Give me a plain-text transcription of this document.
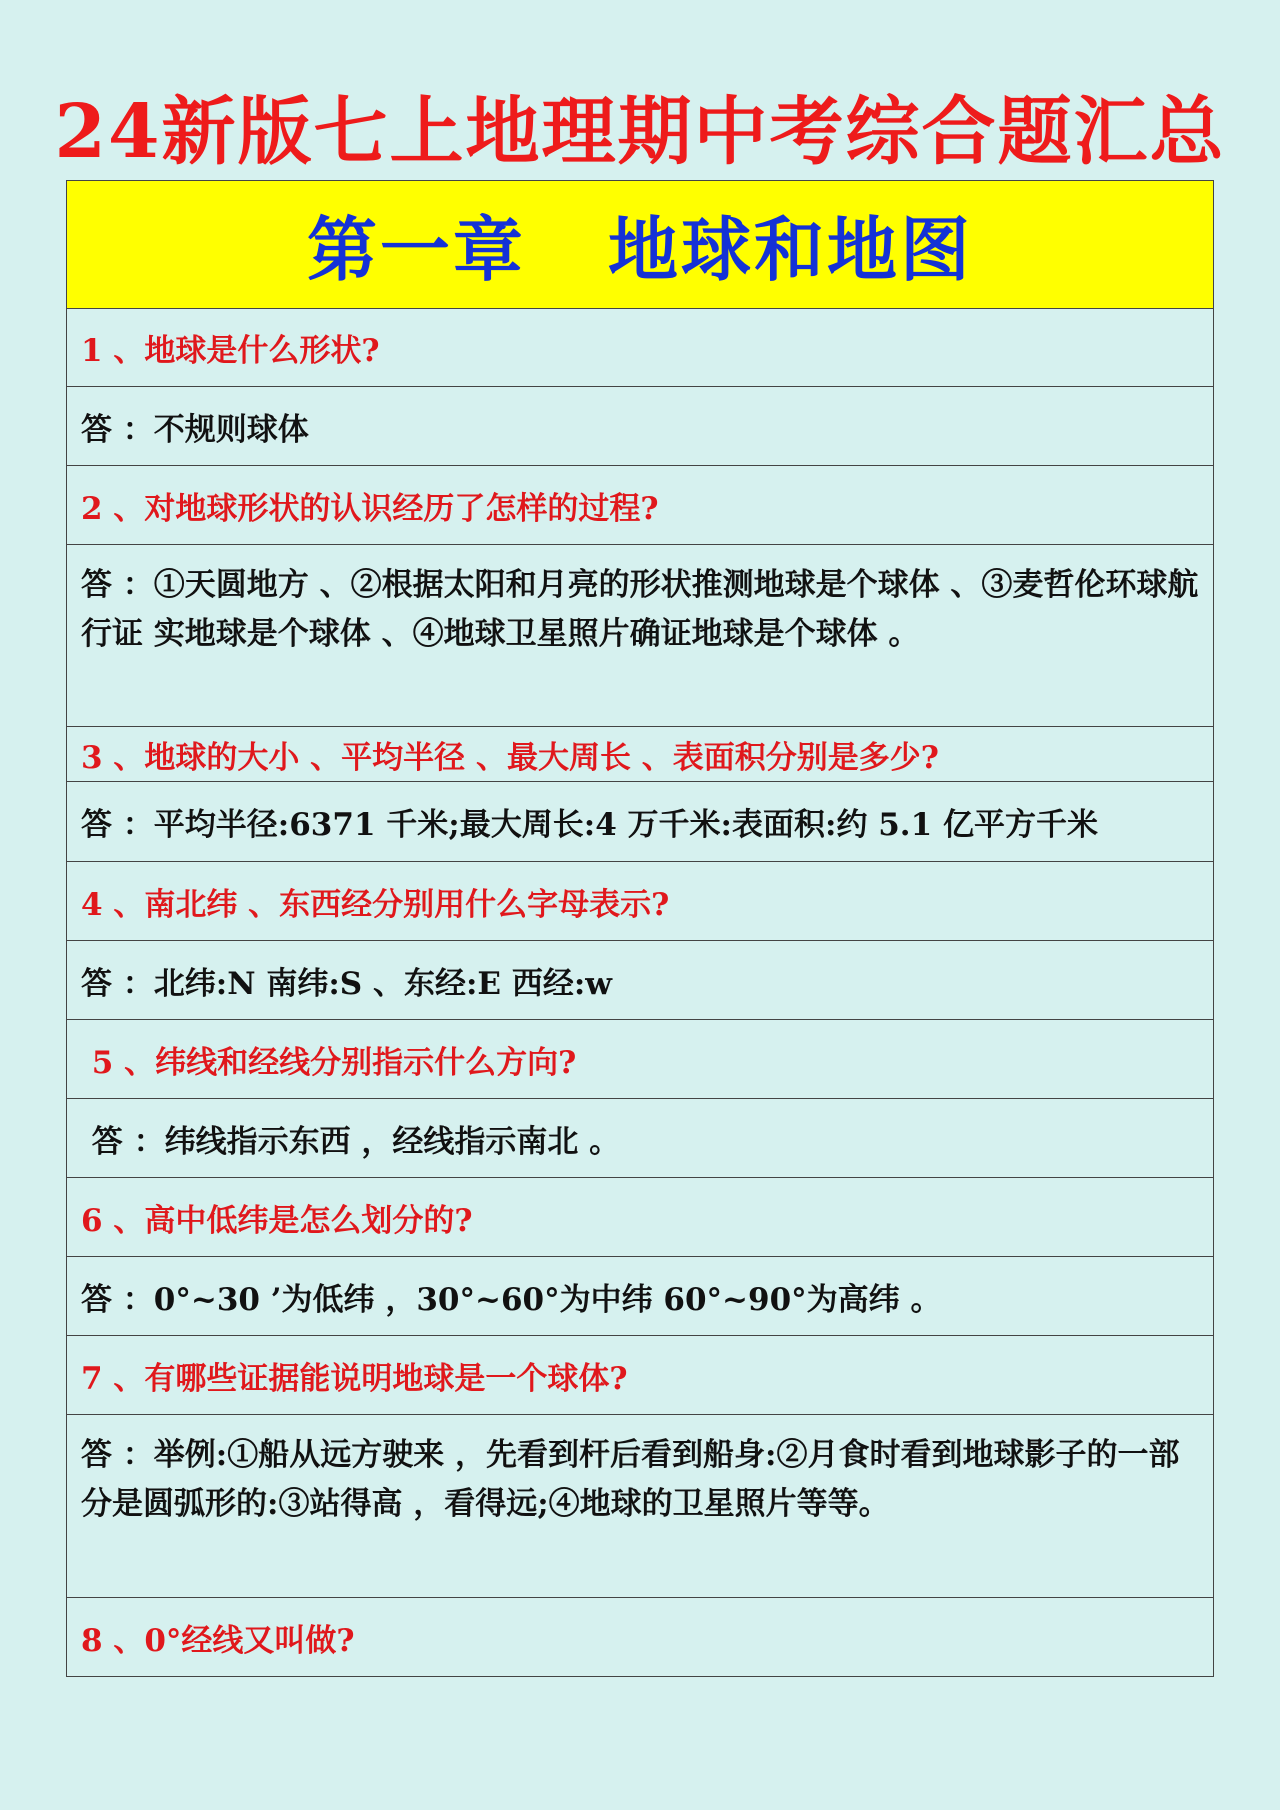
24新版七上地理期中考综合题汇总
第一章   地球和地图
1 、地球是什么形状?
答 ：不规则球体
2 、对地球形状的认识经历了怎样的过程?
答 ：①天圆地方 、②根据太阳和月亮的形状推测地球是个球体 、③麦哲伦环球航行证 实地球是个球体 、④地球卫星照片确证地球是个球体 。
3 、地球的大小 、平均半径 、最大周长 、表面积分别是多少?
答 ：平均半径:6371 千米;最大周长:4 万千米:表面积:约 5.1 亿平方千米
4 、南北纬 、东西经分别用什么字母表示?
答 ：北纬:N 南纬:S 、东经:E 西经:w
5 、纬线和经线分别指示什么方向?
答 ：纬线指示东西 ，经线指示南北 。
6 、高中低纬是怎么划分的?
答 ：0°~30 ’为低纬 ，30°~60°为中纬 60°~90°为高纬 。
7 、有哪些证据能说明地球是一个球体?
答 ：举例:①船从远方驶来 ，先看到杆后看到船身:②月食时看到地球影子的一部分是圆弧形的:③站得高 ，看得远;④地球的卫星照片等等。
8 、0°经线又叫做?
